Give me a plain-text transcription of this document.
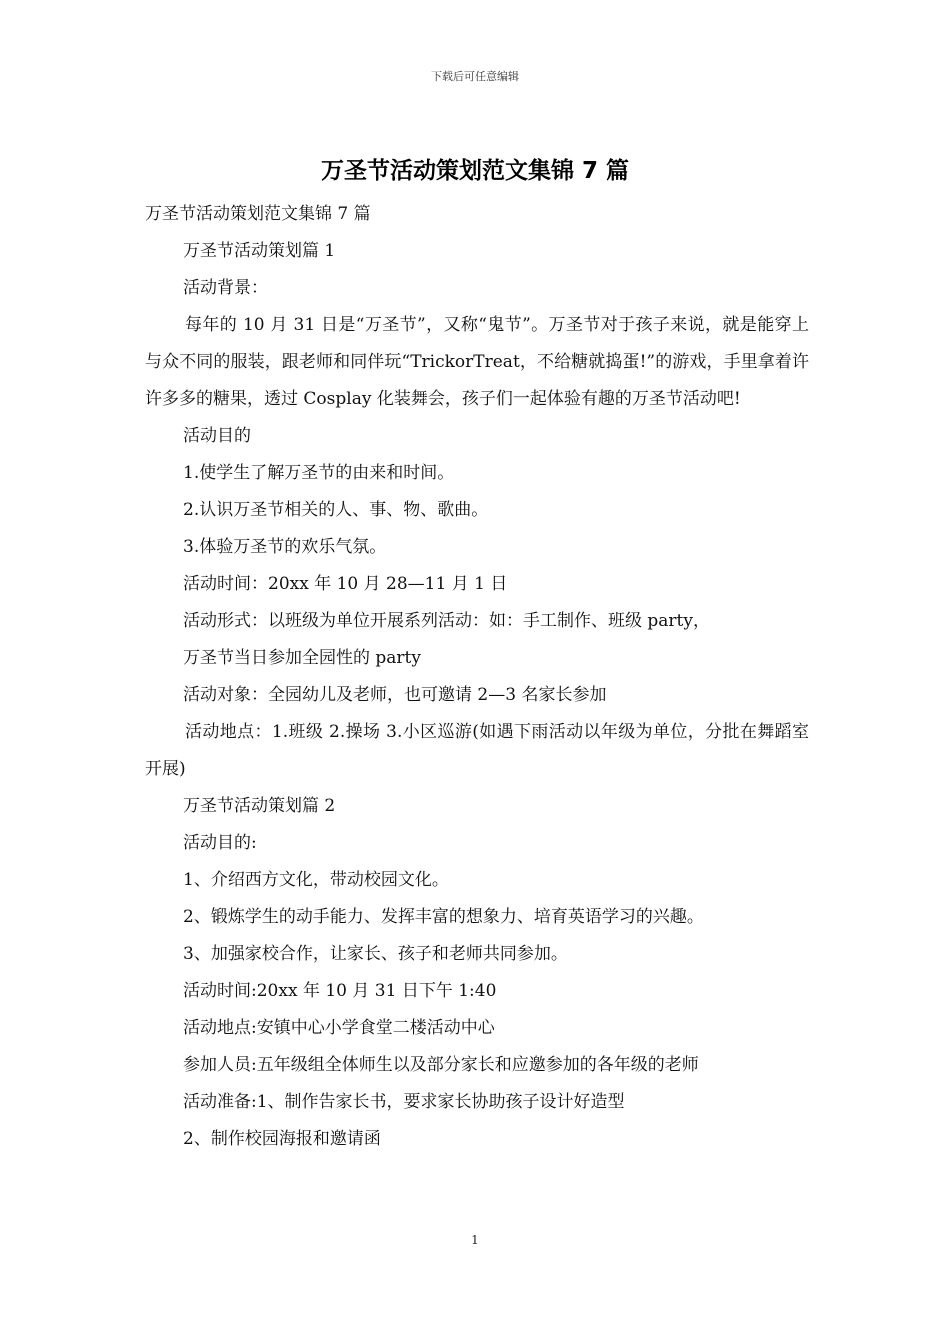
下载后可任意编辑
万圣节活动策划范文集锦 7 篇

万圣节活动策划范文集锦 7 篇

万圣节活动策划篇 1

活动背景：

每年的 10 月 31 日是“万圣节”，又称“鬼节”。万圣节对于孩子来说，就是能穿上与众不同的服装，跟老师和同伴玩“TrickorTreat，不给糖就捣蛋!”的游戏，手里拿着许许多多的糖果，透过 Cosplay 化装舞会，孩子们一起体验有趣的万圣节活动吧!

活动目的

1.使学生了解万圣节的由来和时间。

2.认识万圣节相关的人、事、物、歌曲。

3.体验万圣节的欢乐气氛。

活动时间：20xx 年 10 月 28—11 月 1 日

活动形式：以班级为单位开展系列活动：如：手工制作、班级 party，

万圣节当日参加全园性的 party

活动对象：全园幼儿及老师，也可邀请 2—3 名家长参加

活动地点：1.班级 2.操场 3.小区巡游(如遇下雨活动以年级为单位，分批在舞蹈室开展)

万圣节活动策划篇 2

活动目的:

1、介绍西方文化，带动校园文化。

2、锻炼学生的动手能力、发挥丰富的想象力、培育英语学习的兴趣。

3、加强家校合作，让家长、孩子和老师共同参加。

活动时间:20xx 年 10 月 31 日下午 1:40

活动地点:安镇中心小学食堂二楼活动中心

参加人员:五年级组全体师生以及部分家长和应邀参加的各年级的老师

活动准备:1、制作告家长书，要求家长协助孩子设计好造型

2、制作校园海报和邀请函

1
